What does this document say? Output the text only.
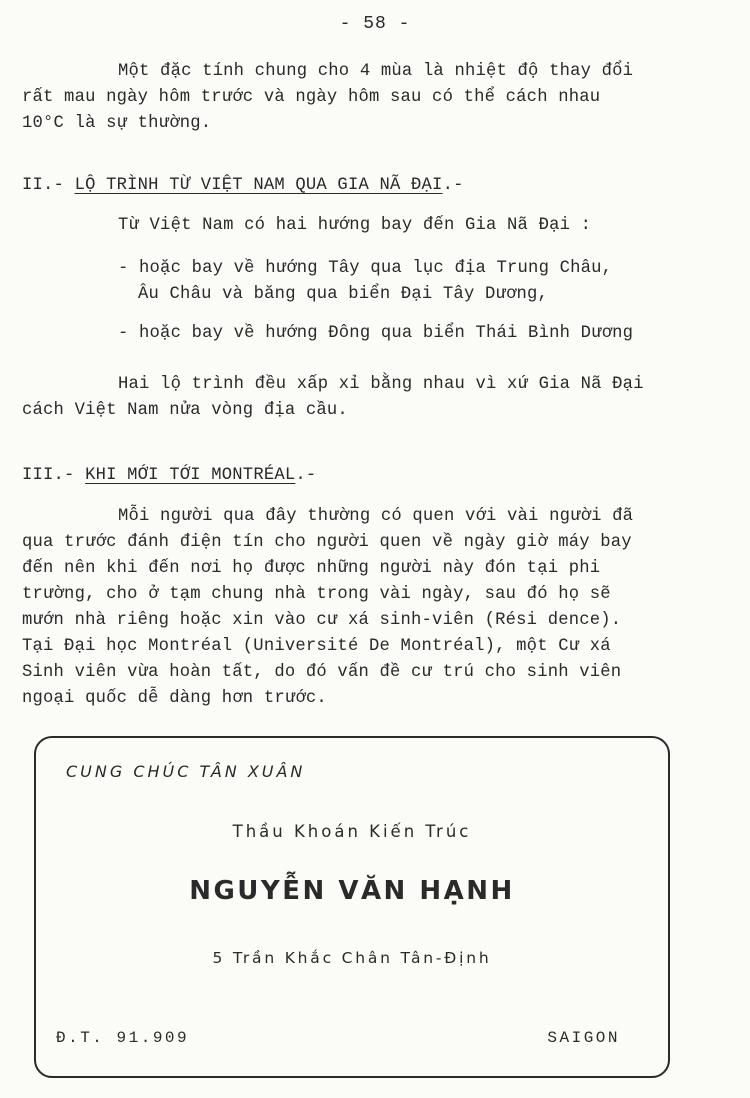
- 58 -
Một đặc tính chung cho 4 mùa là nhiệt độ thay đổi
rất mau ngày hôm trước và ngày hôm sau có thể cách nhau
10°C là sự thường.
II.- LỘ TRÌNH TỪ VIỆT NAM QUA GIA NÃ ĐẠI.-
Từ Việt Nam có hai hướng bay đến Gia Nã Đại :
- hoặc bay về hướng Tây qua lục địa Trung Châu,
Âu Châu và băng qua biển Đại Tây Dương,
- hoặc bay về hướng Đông qua biển Thái Bình Dương
Hai lộ trình đều xấp xỉ bằng nhau vì xứ Gia Nã Đại
cách Việt Nam nửa vòng địa cầu.
III.- KHI MỚI TỚI MONTRÉAL.-
Mỗi người qua đây thường có quen với vài người đã
qua trước đánh điện tín cho người quen về ngày giờ máy bay
đến nên khi đến nơi họ được những người này đón tại phi
trường, cho ở tạm chung nhà trong vài ngày, sau đó họ sẽ
mướn nhà riêng hoặc xin vào cư xá sinh-viên (Rési dence).
Tại Đại học Montréal (Université De Montréal), một Cư xá
Sinh viên vừa hoàn tất, do đó vấn đề cư trú cho sinh viên
ngoại quốc dễ dàng hơn trước.
CUNG CHÚC TÂN XUÂN
Thầu Khoán Kiến Trúc
NGUYỄN VĂN HẠNH
5 Trần Khắc Chân Tân-Định
Đ.T. 91.909	SAIGON
